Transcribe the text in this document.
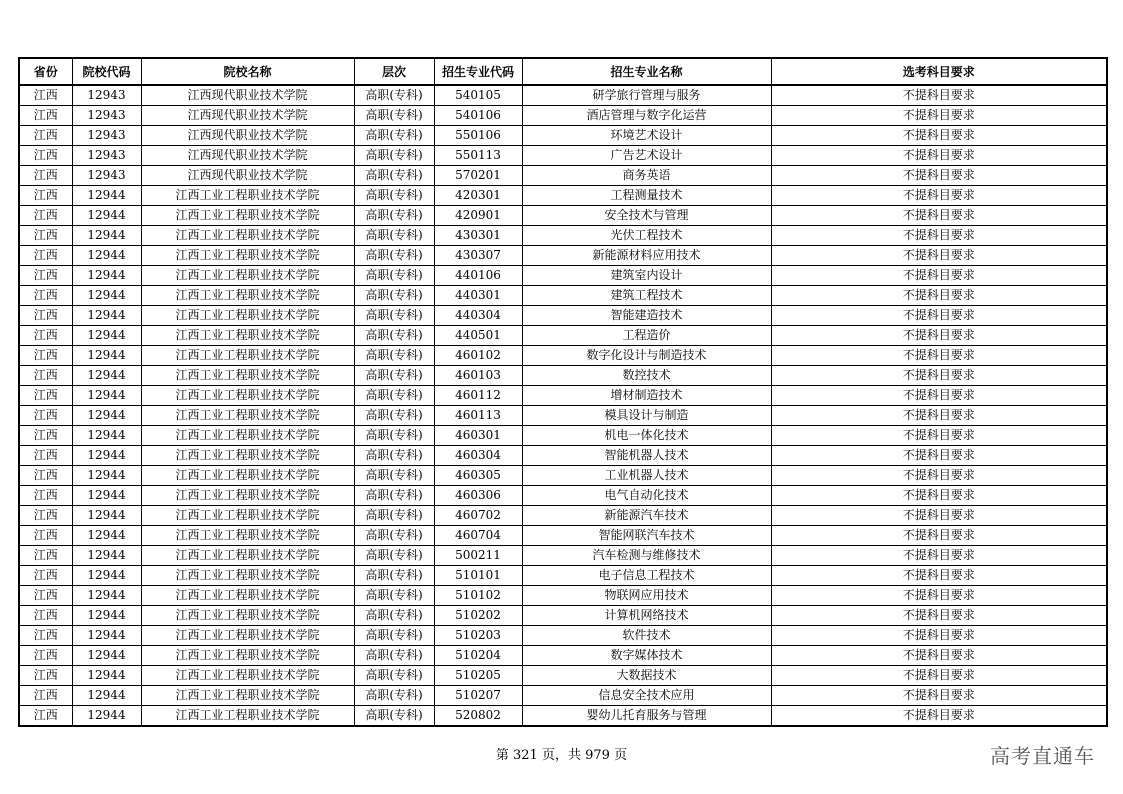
省份	院校代码	院校名称	层次	招生专业代码	招生专业名称	选考科目要求
江西	12943	江西现代职业技术学院	高职(专科)	540105	研学旅行管理与服务	不提科目要求
江西	12943	江西现代职业技术学院	高职(专科)	540106	酒店管理与数字化运营	不提科目要求
江西	12943	江西现代职业技术学院	高职(专科)	550106	环境艺术设计	不提科目要求
江西	12943	江西现代职业技术学院	高职(专科)	550113	广告艺术设计	不提科目要求
江西	12943	江西现代职业技术学院	高职(专科)	570201	商务英语	不提科目要求
江西	12944	江西工业工程职业技术学院	高职(专科)	420301	工程测量技术	不提科目要求
江西	12944	江西工业工程职业技术学院	高职(专科)	420901	安全技术与管理	不提科目要求
江西	12944	江西工业工程职业技术学院	高职(专科)	430301	光伏工程技术	不提科目要求
江西	12944	江西工业工程职业技术学院	高职(专科)	430307	新能源材料应用技术	不提科目要求
江西	12944	江西工业工程职业技术学院	高职(专科)	440106	建筑室内设计	不提科目要求
江西	12944	江西工业工程职业技术学院	高职(专科)	440301	建筑工程技术	不提科目要求
江西	12944	江西工业工程职业技术学院	高职(专科)	440304	智能建造技术	不提科目要求
江西	12944	江西工业工程职业技术学院	高职(专科)	440501	工程造价	不提科目要求
江西	12944	江西工业工程职业技术学院	高职(专科)	460102	数字化设计与制造技术	不提科目要求
江西	12944	江西工业工程职业技术学院	高职(专科)	460103	数控技术	不提科目要求
江西	12944	江西工业工程职业技术学院	高职(专科)	460112	增材制造技术	不提科目要求
江西	12944	江西工业工程职业技术学院	高职(专科)	460113	模具设计与制造	不提科目要求
江西	12944	江西工业工程职业技术学院	高职(专科)	460301	机电一体化技术	不提科目要求
江西	12944	江西工业工程职业技术学院	高职(专科)	460304	智能机器人技术	不提科目要求
江西	12944	江西工业工程职业技术学院	高职(专科)	460305	工业机器人技术	不提科目要求
江西	12944	江西工业工程职业技术学院	高职(专科)	460306	电气自动化技术	不提科目要求
江西	12944	江西工业工程职业技术学院	高职(专科)	460702	新能源汽车技术	不提科目要求
江西	12944	江西工业工程职业技术学院	高职(专科)	460704	智能网联汽车技术	不提科目要求
江西	12944	江西工业工程职业技术学院	高职(专科)	500211	汽车检测与维修技术	不提科目要求
江西	12944	江西工业工程职业技术学院	高职(专科)	510101	电子信息工程技术	不提科目要求
江西	12944	江西工业工程职业技术学院	高职(专科)	510102	物联网应用技术	不提科目要求
江西	12944	江西工业工程职业技术学院	高职(专科)	510202	计算机网络技术	不提科目要求
江西	12944	江西工业工程职业技术学院	高职(专科)	510203	软件技术	不提科目要求
江西	12944	江西工业工程职业技术学院	高职(专科)	510204	数字媒体技术	不提科目要求
江西	12944	江西工业工程职业技术学院	高职(专科)	510205	大数据技术	不提科目要求
江西	12944	江西工业工程职业技术学院	高职(专科)	510207	信息安全技术应用	不提科目要求
江西	12944	江西工业工程职业技术学院	高职(专科)	520802	婴幼儿托育服务与管理	不提科目要求
第 321 页，共 979 页	高考直通车
